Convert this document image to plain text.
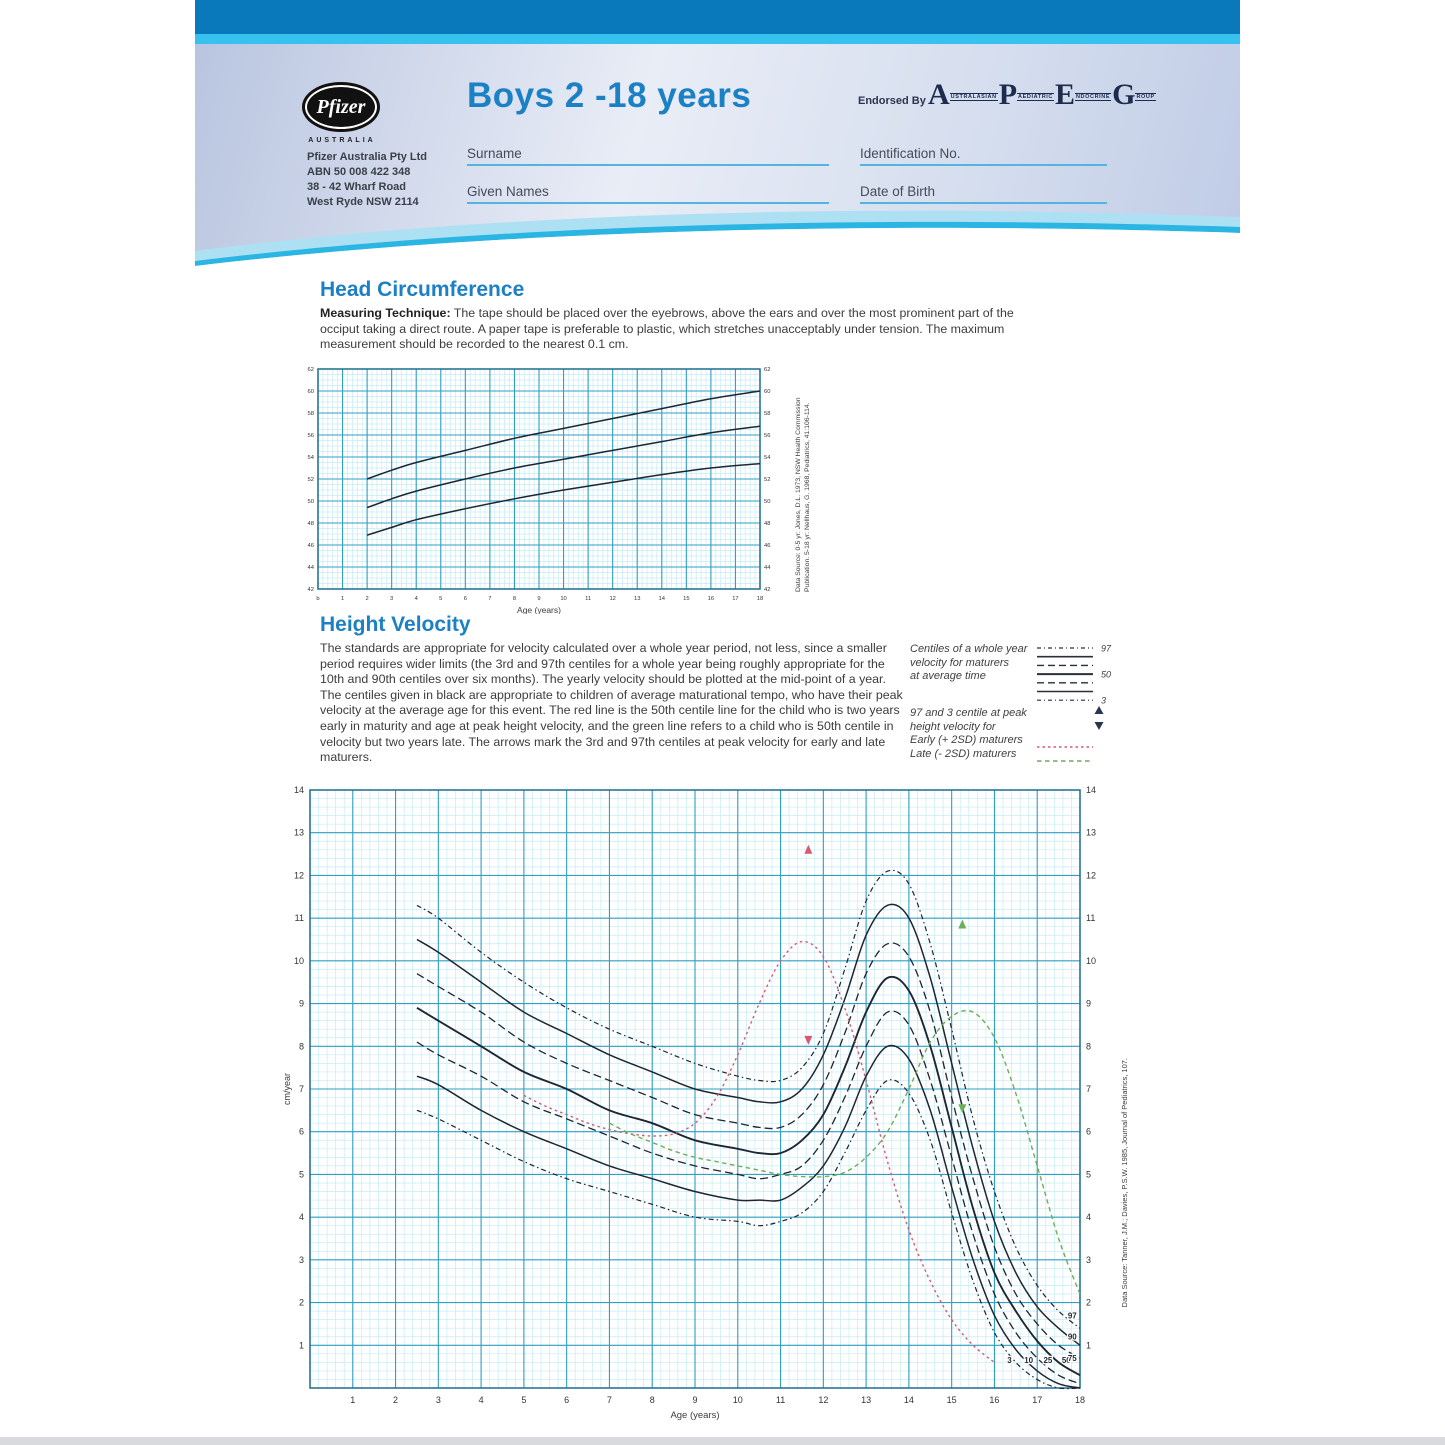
Pfizer
AUSTRALIA
Pfizer Australia Pty Ltd
ABN 50 008 422 348
38 - 42 Wharf Road
West Ryde NSW 2114
Boys 2 -18 years	Endorsed By A USTRALASIAN P AEDIATRIC E NDOCRINE G ROUP
Surname
Given Names
Identification No.
Date of Birth
Head Circumference
Measuring Technique: The tape should be placed over the eyebrows, above the ears and over the most prominent part of the occiput taking a direct route. A paper tape is preferable to plastic, which stretches unacceptably under tension. The maximum measurement should be recorded to the nearest 0.1 cm.
62	62
60	60
58	58
56	56
54	54
52	52
50	50
48	48
46	46
44	44
42	42
b	1	2	3	4	5	6	7	8	9	10	11	12	13	14	15	16	17	18
Age (years)
Data Source: 0-5 yr: Jones, D.L. 1973, NSW Health Commission Publication. 5-18 yr: Nellhaus, G. 1968, Pediatrics, 41:106-114.
Height Velocity
The standards are appropriate for velocity calculated over a whole year period, not less, since a smaller period requires wider limits (the 3rd and 97th centiles for a whole year being roughly appropriate for the 10th and 90th centiles over six months). The yearly velocity should be plotted at the mid-point of a year. The centiles given in black are appropriate to children of average maturational tempo, who have their peak velocity at the average age for this event. The red line is the 50th centile line for the child who is two years early in maturity and age at peak height velocity, and the green line refers to a child who is 50th centile in velocity but two years late. The arrows mark the 3rd and 97th centiles at peak velocity for early and late maturers.
Centiles of a whole year
velocity for maturers
at average time
97 and 3 centile at peak
height velocity for
Early (+ 2SD) maturers
Late (- 2SD) maturers
97
50
3
3 10 25 50
75
90
97
14	14
13	13
12	12
11	11
10	10
9	9
8	8
7	7
6	6
5	5
4	4
3	3
2	2
1	1
1	2	3	4	5	6	7	8	9	10	11	12	13	14	15	16	17	18
Age (years)
cm/year	Data Source: Tanner, J.M.; Davies, P.S.W. 1985, Journal of Pediatrics, 107.
